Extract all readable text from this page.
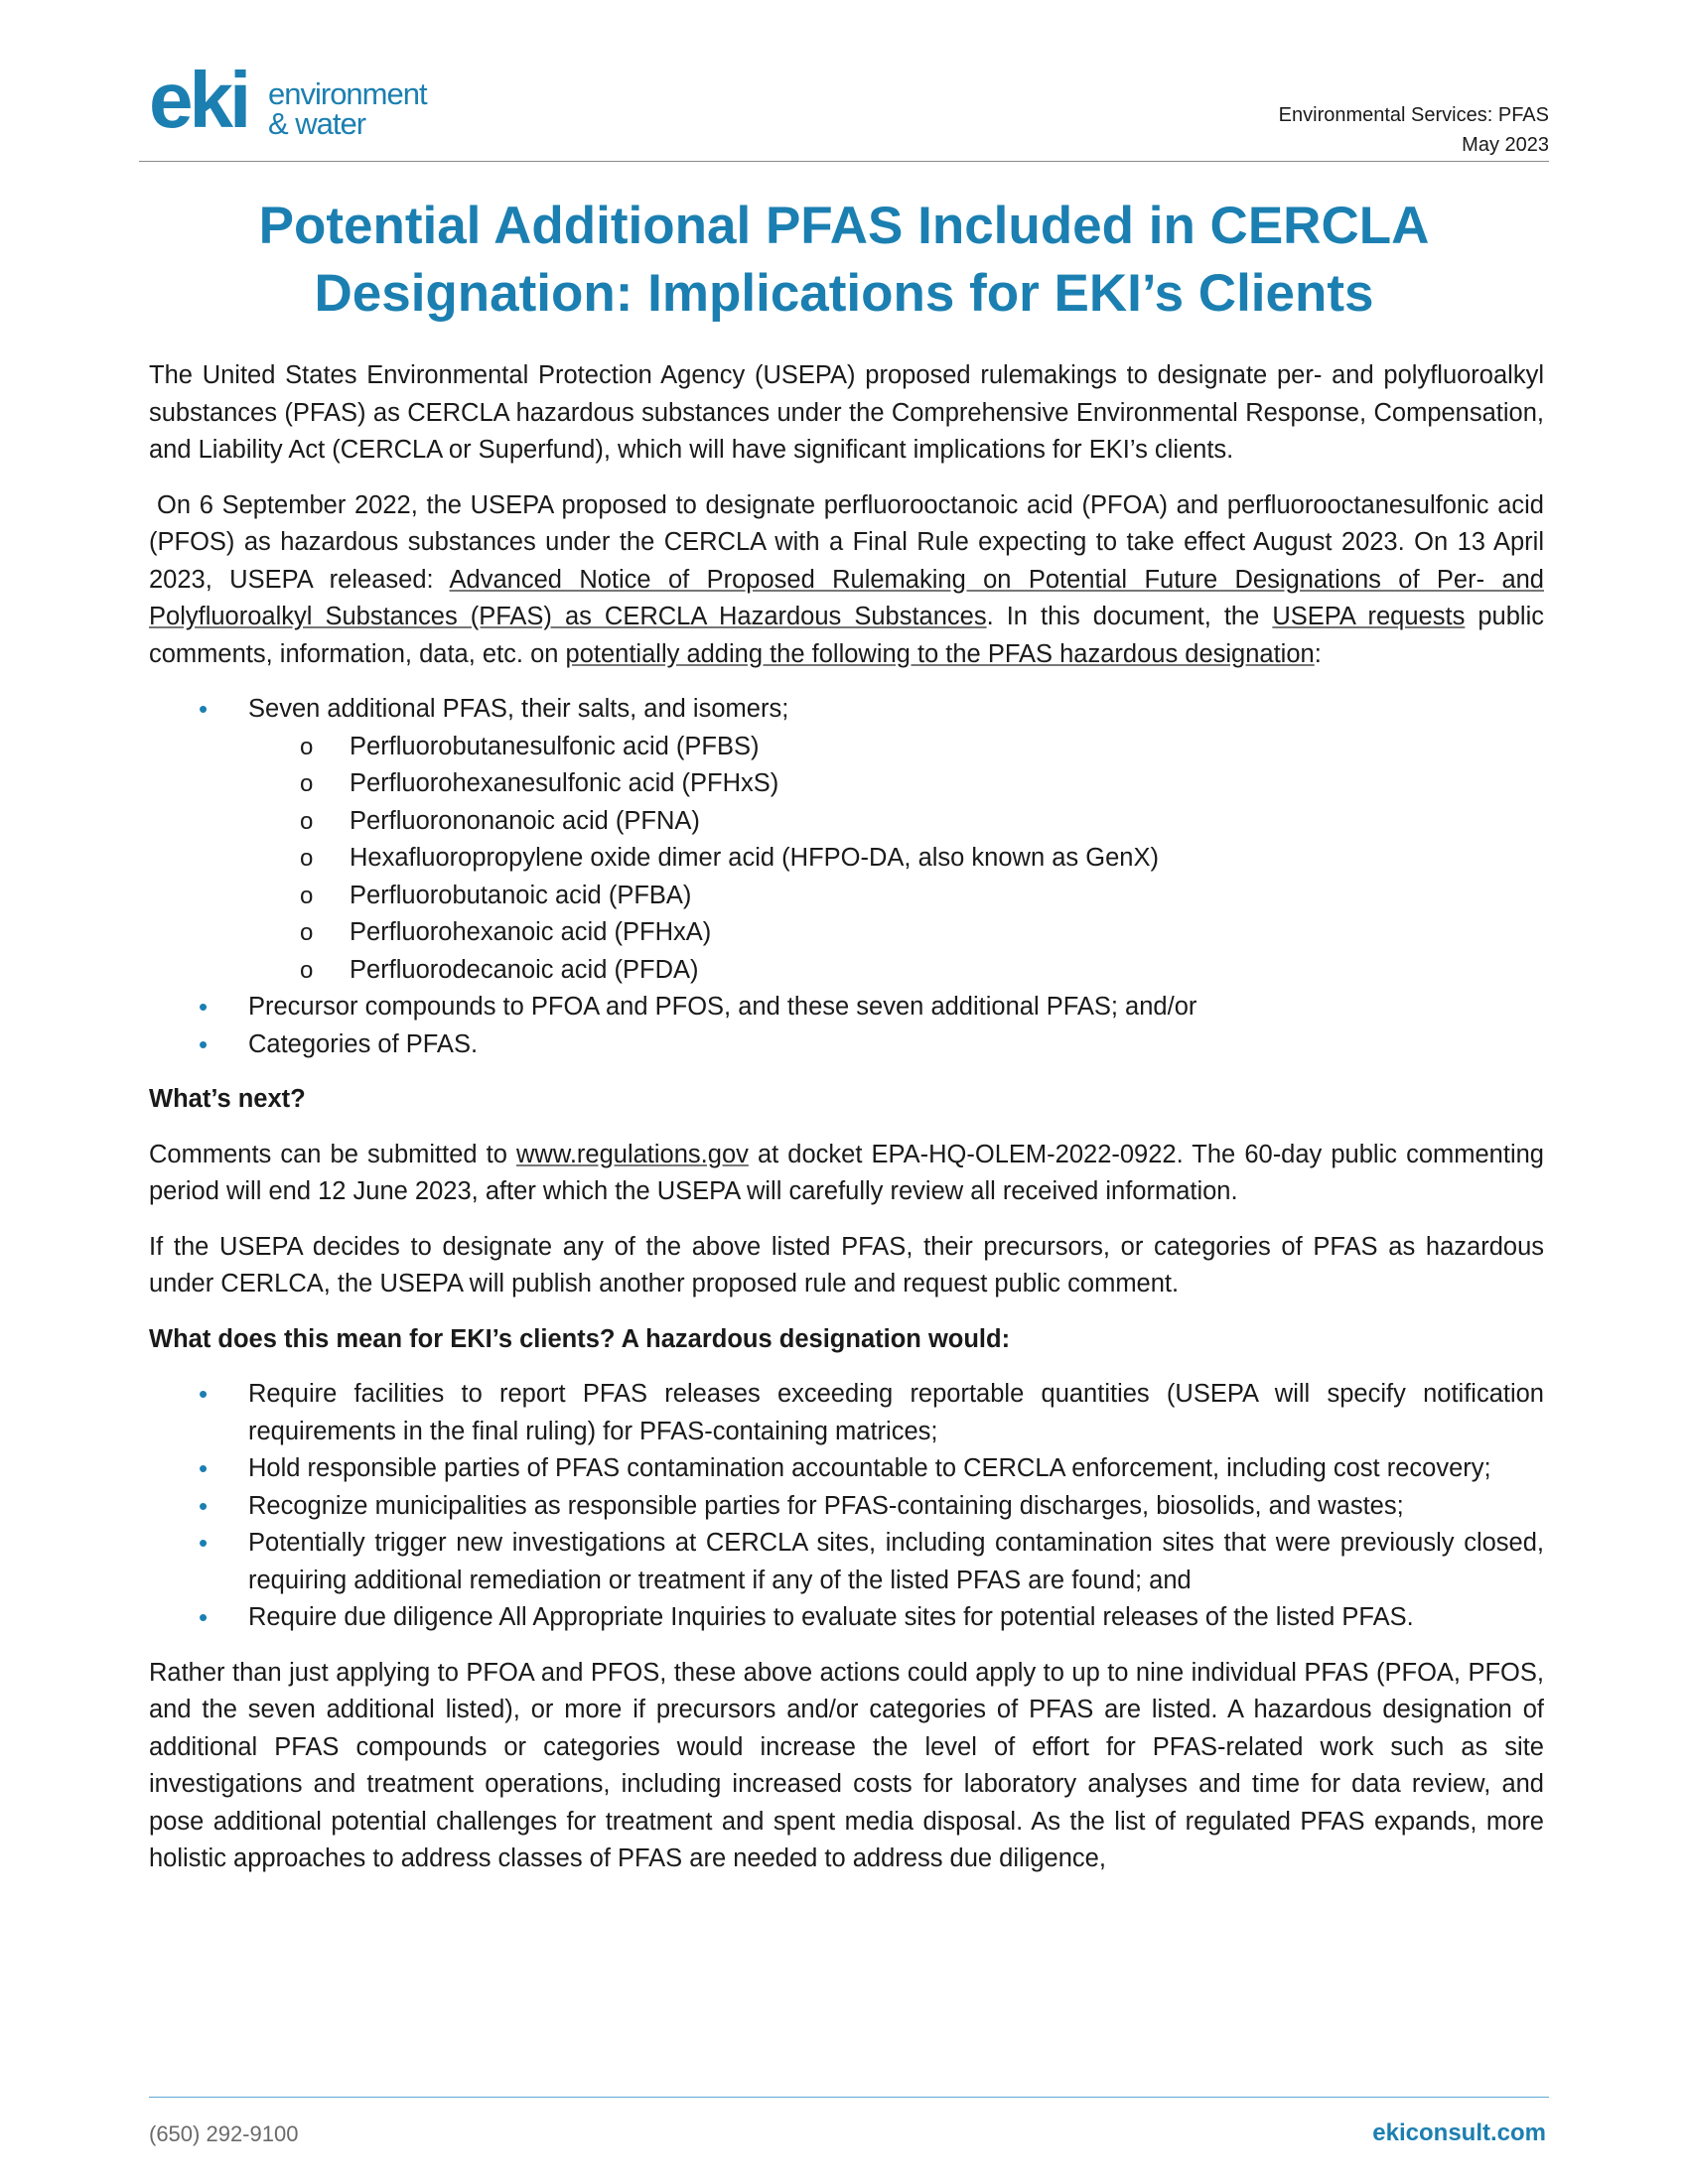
eki environment
& water	Environmental Services: PFAS
May 2023
Potential Additional PFAS Included in CERCLA
Designation: Implications for EKI’s Clients

The United States Environmental Protection Agency (USEPA) proposed rulemakings to designate per- and polyfluoroalkyl substances (PFAS) as CERCLA hazardous substances under the Comprehensive Environmental Response, Compensation, and Liability Act (CERCLA or Superfund), which will have significant implications for EKI’s clients.

On 6 September 2022, the USEPA proposed to designate perfluorooctanoic acid (PFOA) and perfluorooctanesulfonic acid (PFOS) as hazardous substances under the CERCLA with a Final Rule expecting to take effect August 2023. On 13 April 2023, USEPA released: Advanced Notice of Proposed Rulemaking on Potential Future Designations of Per- and Polyfluoroalkyl Substances (PFAS) as CERCLA Hazardous Substances. In this document, the USEPA requests public comments, information, data, etc. on potentially adding the following to the PFAS hazardous designation:

• Seven additional PFAS, their salts, and isomers;
o Perfluorobutanesulfonic acid (PFBS)
o Perfluorohexanesulfonic acid (PFHxS)
o Perfluorononanoic acid (PFNA)
o Hexafluoropropylene oxide dimer acid (HFPO-DA, also known as GenX)
o Perfluorobutanoic acid (PFBA)
o Perfluorohexanoic acid (PFHxA)
o Perfluorodecanoic acid (PFDA)
• Precursor compounds to PFOA and PFOS, and these seven additional PFAS; and/or
• Categories of PFAS.

What’s next?

Comments can be submitted to www.regulations.gov at docket EPA-HQ-OLEM-2022-0922. The 60-day public commenting period will end 12 June 2023, after which the USEPA will carefully review all received information.

If the USEPA decides to designate any of the above listed PFAS, their precursors, or categories of PFAS as hazardous under CERLCA, the USEPA will publish another proposed rule and request public comment.

What does this mean for EKI’s clients? A hazardous designation would:

• Require facilities to report PFAS releases exceeding reportable quantities (USEPA will specify notification requirements in the final ruling) for PFAS-containing matrices;
• Hold responsible parties of PFAS contamination accountable to CERCLA enforcement, including cost recovery;
• Recognize municipalities as responsible parties for PFAS-containing discharges, biosolids, and wastes;
• Potentially trigger new investigations at CERCLA sites, including contamination sites that were previously closed, requiring additional remediation or treatment if any of the listed PFAS are found; and
• Require due diligence All Appropriate Inquiries to evaluate sites for potential releases of the listed PFAS.

Rather than just applying to PFOA and PFOS, these above actions could apply to up to nine individual PFAS (PFOA, PFOS, and the seven additional listed), or more if precursors and/or categories of PFAS are listed. A hazardous designation of additional PFAS compounds or categories would increase the level of effort for PFAS-related work such as site investigations and treatment operations, including increased costs for laboratory analyses and time for data review, and pose additional potential challenges for treatment and spent media disposal. As the list of regulated PFAS expands, more holistic approaches to address classes of PFAS are needed to address due diligence,

(650) 292-9100	ekiconsult.com
